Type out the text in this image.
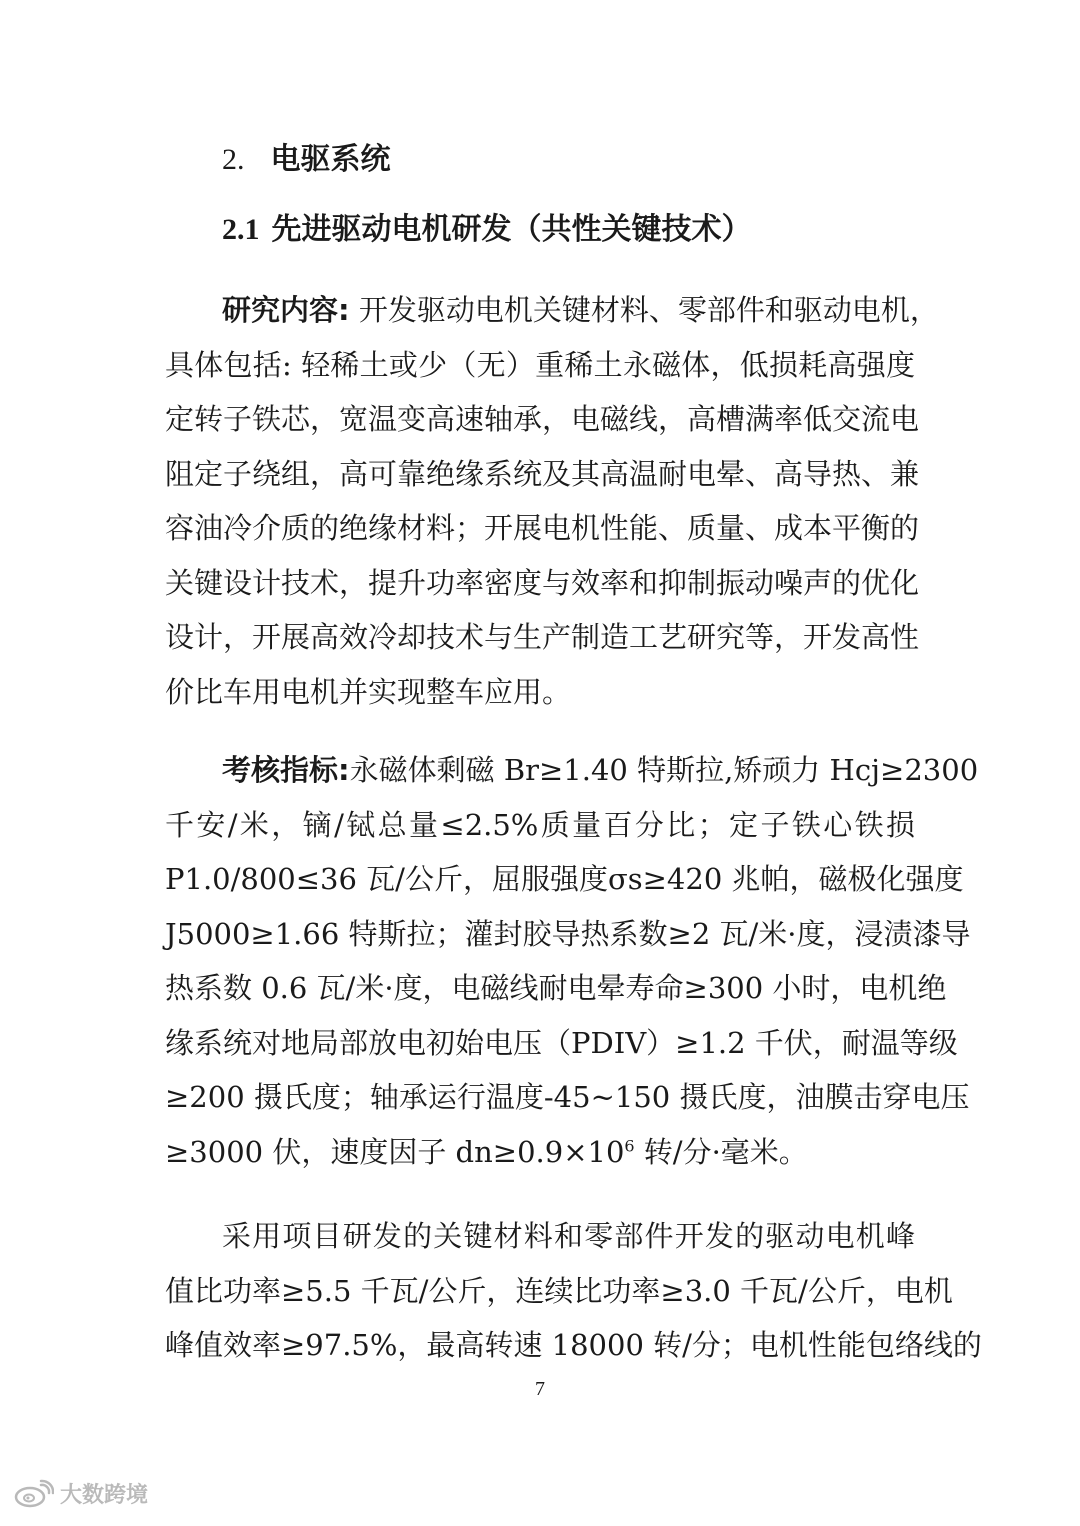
2. 电驱系统
2.1 先进驱动电机研发（共性关键技术）
研究内容: 开发驱动电机关键材料、零部件和驱动电机，
具体包括: 轻稀土或少（无）重稀土永磁体，低损耗高强度
定转子铁芯，宽温变高速轴承，电磁线，高槽满率低交流电
阻定子绕组，高可靠绝缘系统及其高温耐电晕、高导热、兼
容油冷介质的绝缘材料；开展电机性能、质量、成本平衡的
关键设计技术，提升功率密度与效率和抑制振动噪声的优化
设计，开展高效冷却技术与生产制造工艺研究等，开发高性
价比车用电机并实现整车应用。
考核指标:永磁体剩磁 Br≥1.40 特斯拉,矫顽力 Hcj≥2300
千安/米，镝/铽总量≤2.5%质量百分比；定子铁心铁损
P1.0/800≤36 瓦/公斤，屈服强度σs≥420 兆帕，磁极化强度
J5000≥1.66 特斯拉；灌封胶导热系数≥2 瓦/米·度，浸渍漆导
热系数 0.6 瓦/米·度，电磁线耐电晕寿命≥300 小时，电机绝
缘系统对地局部放电初始电压（PDIV）≥1.2 千伏，耐温等级
≥200 摄氏度；轴承运行温度-45~150 摄氏度，油膜击穿电压
≥3000 伏，速度因子 $dn\ge 0.9\times 10^6$ 转/分·毫米。
采用项目研发的关键材料和零部件开发的驱动电机峰
值比功率≥5.5 千瓦/公斤，连续比功率≥3.0 千瓦/公斤，电机
峰值效率≥97.5%，最高转速 18000 转/分；电机性能包络线的
7
大数跨境
